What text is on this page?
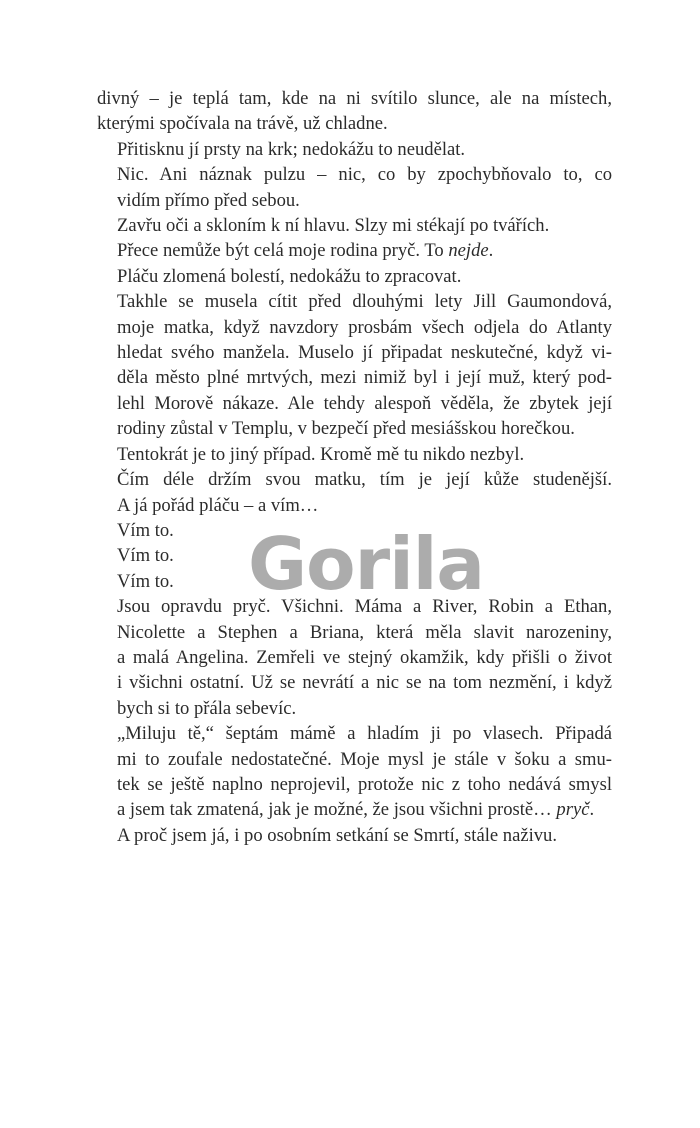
divný – je teplá tam, kde na ni svítilo slunce, ale na místech,
kterými spočívala na trávě, už chladne.
Přitisknu jí prsty na krk; nedokážu to neudělat.
Nic. Ani náznak pulzu – nic, co by zpochybňovalo to, co
vidím přímo před sebou.
Zavřu oči a skloním k ní hlavu. Slzy mi stékají po tvářích.
Přece nemůže být celá moje rodina pryč. To nejde.
Pláču zlomená bolestí, nedokážu to zpracovat.
Takhle se musela cítit před dlouhými lety Jill Gaumondová,
moje matka, když navzdory prosbám všech odjela do Atlanty
hledat svého manžela. Muselo jí připadat neskutečné, když vi-
děla město plné mrtvých, mezi nimiž byl i její muž, který pod-
lehl Morově nákaze. Ale tehdy alespoň věděla, že zbytek její
rodiny zůstal v Templu, v bezpečí před mesiášskou horečkou.
Tentokrát je to jiný případ. Kromě mě tu nikdo nezbyl.
Čím déle držím svou matku, tím je její kůže studenější.
A já pořád pláču – a vím…
Vím to.
Vím to.
Vím to.
Jsou opravdu pryč. Všichni. Máma a River, Robin a Ethan,
Nicolette a Stephen a Briana, která měla slavit narozeniny,
a malá Angelina. Zemřeli ve stejný okamžik, kdy přišli o život
i všichni ostatní. Už se nevrátí a nic se na tom nezmění, i když
bych si to přála sebevíc.
„Miluju tě,“ šeptám mámě a hladím ji po vlasech. Připadá
mi to zoufale nedostatečné. Moje mysl je stále v šoku a smu-
tek se ještě naplno neprojevil, protože nic z toho nedává smysl
a jsem tak zmatená, jak je možné, že jsou všichni prostě… pryč.
A proč jsem já, i po osobním setkání se Smrtí, stále naživu.
Gorila
